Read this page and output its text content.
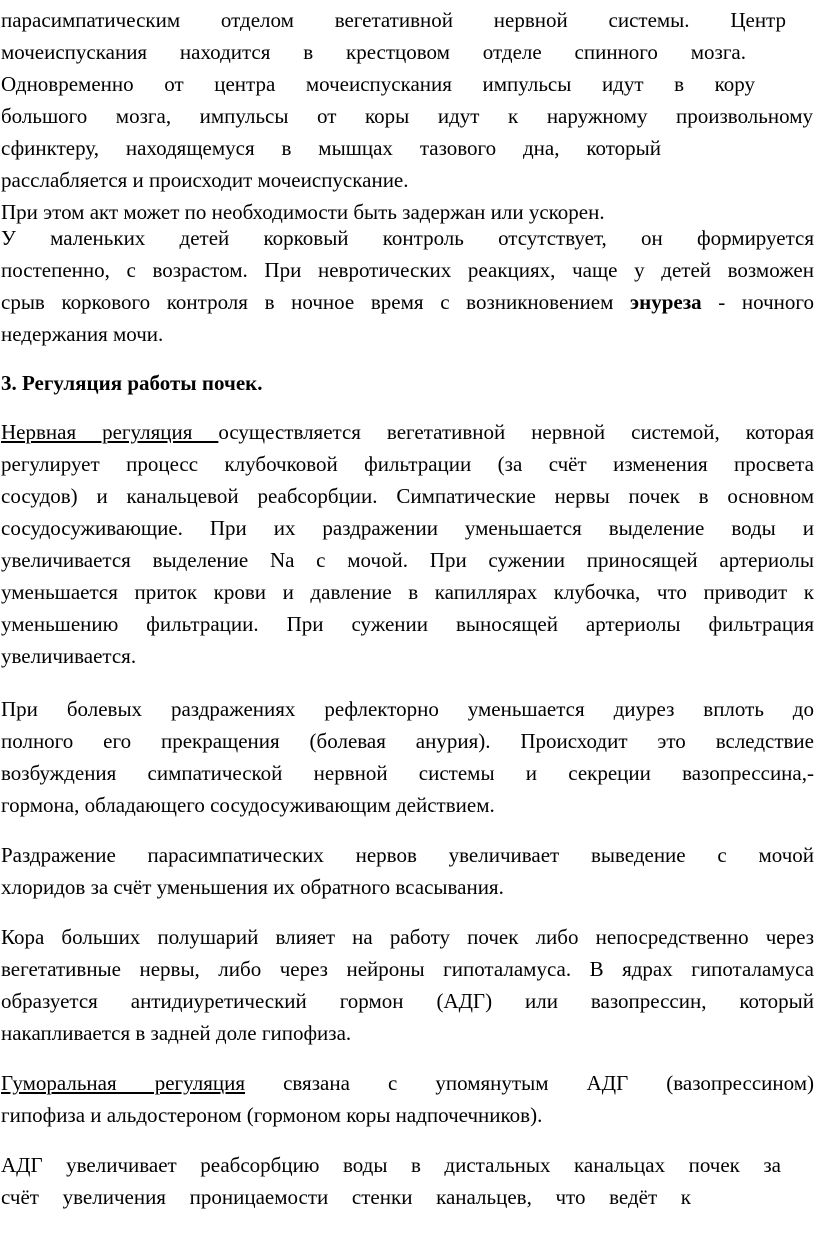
парасимпатическим отделом вегетативной нервной системы. Центр
мочеиспускания находится в крестцовом отделе спинного мозга.
Одновременно от центра мочеиспускания импульсы идут в кору
большого мозга, импульсы от коры идут к наружному произвольному
сфинктеру, находящемуся в мышцах тазового дна, который
расслабляется и происходит мочеиспускание.
При этом акт может по необходимости быть задержан или ускорен.
У маленьких детей корковый контроль отсутствует, он формируется
постепенно, с возрастом. При невротических реакциях, чаще у детей возможен
срыв коркового контроля в ночное время с возникновением энуреза - ночного
недержания мочи.
3. Регуляция работы почек.
Нервная регуляция осуществляется вегетативной нервной системой, которая
регулирует процесс клубочковой фильтрации (за счёт изменения просвета
сосудов) и канальцевой реабсорбции. Симпатические нервы почек в основном
сосудосуживающие. При их раздражении уменьшается выделение воды и
увеличивается выделение Na с мочой. При сужении приносящей артериолы
уменьшается приток крови и давление в капиллярах клубочка, что приводит к
уменьшению фильтрации. При сужении выносящей артериолы фильтрация
увеличивается.
При болевых раздражениях рефлекторно уменьшается диурез вплоть до
полного его прекращения (болевая анурия). Происходит это вследствие
возбуждения симпатической нервной системы и секреции вазопрессина,-
гормона, обладающего сосудосуживающим действием.
Раздражение парасимпатических нервов увеличивает выведение с мочой
хлоридов за счёт уменьшения их обратного всасывания.
Кора больших полушарий влияет на работу почек либо непосредственно через
вегетативные нервы, либо через нейроны гипоталамуса. В ядрах гипоталамуса
образуется антидиуретический гормон (АДГ) или вазопрессин, который
накапливается в задней доле гипофиза.
Гуморальная регуляция связана с упомянутым АДГ (вазопрессином)
гипофиза и альдостероном (гормоном коры надпочечников).
АДГ увеличивает реабсорбцию воды в дистальных канальцах почек за
счёт увеличения проницаемости стенки канальцев, что ведёт к
